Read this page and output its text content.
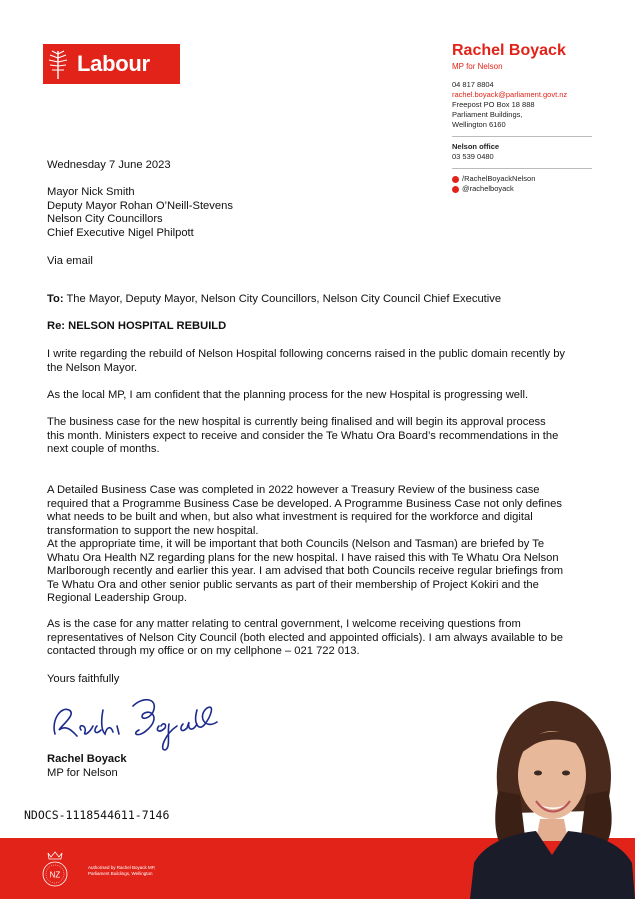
Labour
Rachel Boyack
MP for Nelson
04 817 8804
rachel.boyack@parliament.govt.nz
Freepost PO Box 18 888
Parliament Buildings,
Wellington 6160
Nelson office
03 539 0480
/RachelBoyackNelson
@rachelboyack
Wednesday 7 June 2023
Mayor Nick Smith
Deputy Mayor Rohan O’Neill-Stevens
Nelson City Councillors
Chief Executive Nigel Philpott
Via email
To: The Mayor, Deputy Mayor, Nelson City Councillors, Nelson City Council Chief Executive
Re: NELSON HOSPITAL REBUILD
I write regarding the rebuild of Nelson Hospital following concerns raised in the public domain recently by
the Nelson Mayor.
As the local MP, I am confident that the planning process for the new Hospital is progressing well.
The business case for the new hospital is currently being finalised and will begin its approval process
this month. Ministers expect to receive and consider the Te Whatu Ora Board’s recommendations in the
next couple of months.
A Detailed Business Case was completed in 2022 however a Treasury Review of the business case
required that a Programme Business Case be developed. A Programme Business Case not only defines
what needs to be built and when, but also what investment is required for the workforce and digital
transformation to support the new hospital.
At the appropriate time, it will be important that both Councils (Nelson and Tasman) are briefed by Te
Whatu Ora Health NZ regarding plans for the new hospital. I have raised this with Te Whatu Ora Nelson
Marlborough recently and earlier this year. I am advised that both Councils receive regular briefings from
Te Whatu Ora and other senior public servants as part of their membership of Project Kokiri and the
Regional Leadership Group.
As is the case for any matter relating to central government, I welcome receiving questions from
representatives of Nelson City Council (both elected and appointed officials). I am always available to be
contacted through my office or on my cellphone – 021 722 013.
Yours faithfully
Rachel Boyack
MP for Nelson
NDOCS-1118544611-7146
NZ
Authorised by Rachel Boyack MP,
Parliament Buildings, Wellington
